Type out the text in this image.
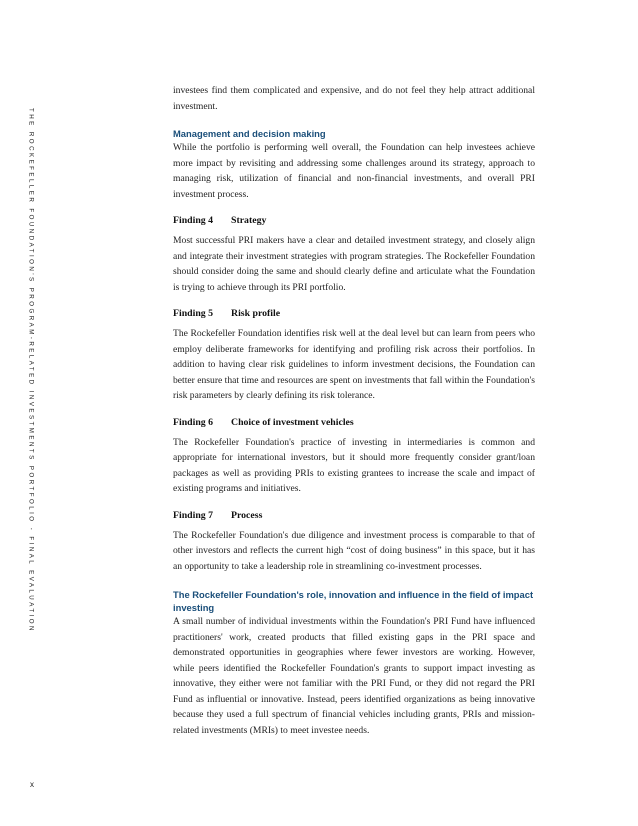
THE ROCKEFELLER FOUNDATION'S PROGRAM-RELATED INVESTMENTS PORTFOLIO - FINAL EVALUATION
x

investees find them complicated and expensive, and do not feel they help attract additional investment.

Management and decision making

While the portfolio is performing well overall, the Foundation can help investees achieve more impact by revisiting and addressing some challenges around its strategy, approach to managing risk, utilization of financial and non-financial investments, and overall PRI investment process.

Finding 4	Strategy

Most successful PRI makers have a clear and detailed investment strategy, and closely align and integrate their investment strategies with program strategies. The Rockefeller Foundation should consider doing the same and should clearly define and articulate what the Foundation is trying to achieve through its PRI portfolio.

Finding 5	Risk profile

The Rockefeller Foundation identifies risk well at the deal level but can learn from peers who employ deliberate frameworks for identifying and profiling risk across their portfolios. In addition to having clear risk guidelines to inform investment decisions, the Foundation can better ensure that time and resources are spent on investments that fall within the Foundation's risk parameters by clearly defining its risk tolerance.

Finding 6	Choice of investment vehicles

The Rockefeller Foundation's practice of investing in intermediaries is common and appropriate for international investors, but it should more frequently consider grant/loan packages as well as providing PRIs to existing grantees to increase the scale and impact of existing programs and initiatives.

Finding 7	Process

The Rockefeller Foundation's due diligence and investment process is comparable to that of other investors and reflects the current high “cost of doing business” in this space, but it has an opportunity to take a leadership role in streamlining co-investment processes.

The Rockefeller Foundation's role, innovation and influence in the field of impact investing

A small number of individual investments within the Foundation's PRI Fund have influenced practitioners' work, created products that filled existing gaps in the PRI space and demonstrated opportunities in geographies where fewer investors are working. However, while peers identified the Rockefeller Foundation's grants to support impact investing as innovative, they either were not familiar with the PRI Fund, or they did not regard the PRI Fund as influential or innovative. Instead, peers identified organizations as being innovative because they used a full spectrum of financial vehicles including grants, PRIs and mission-related investments (MRIs) to meet investee needs.
